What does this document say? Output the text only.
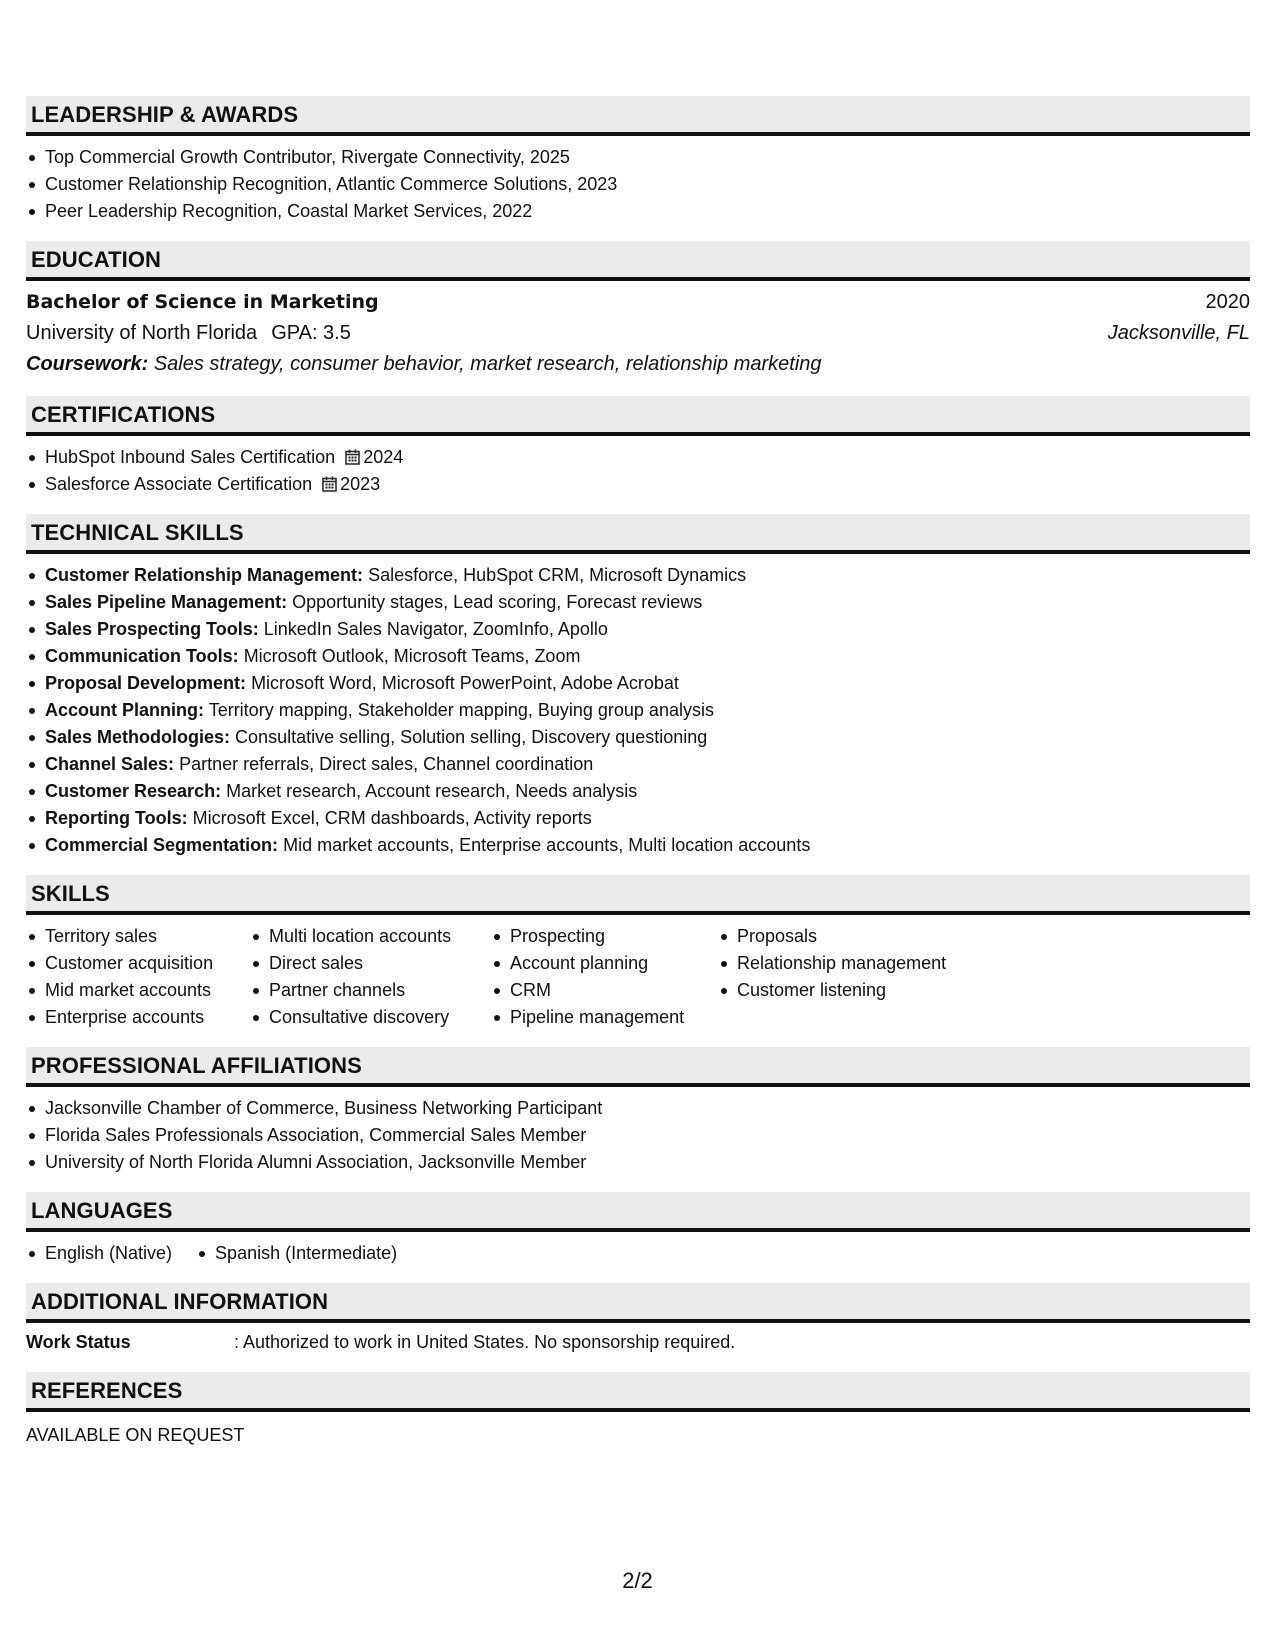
LEADERSHIP & AWARDS
Top Commercial Growth Contributor, Rivergate Connectivity, 2025
Customer Relationship Recognition, Atlantic Commerce Solutions, 2023
Peer Leadership Recognition, Coastal Market Services, 2022
EDUCATION
Bachelor of Science in Marketing	2020
University of North Florida GPA: 3.5	Jacksonville, FL
Coursework:
Sales strategy, consumer behavior, market research, relationship marketing
CERTIFICATIONS
HubSpot Inbound Sales Certification 2024
Salesforce Associate Certification 2023
TECHNICAL SKILLS
Customer Relationship Management: Salesforce, HubSpot CRM, Microsoft Dynamics
Sales Pipeline Management: Opportunity stages, Lead scoring, Forecast reviews
Sales Prospecting Tools: LinkedIn Sales Navigator, ZoomInfo, Apollo
Communication Tools: Microsoft Outlook, Microsoft Teams, Zoom
Proposal Development: Microsoft Word, Microsoft PowerPoint, Adobe Acrobat
Account Planning: Territory mapping, Stakeholder mapping, Buying group analysis
Sales Methodologies: Consultative selling, Solution selling, Discovery questioning
Channel Sales: Partner referrals, Direct sales, Channel coordination
Customer Research: Market research, Account research, Needs analysis
Reporting Tools: Microsoft Excel, CRM dashboards, Activity reports
Commercial Segmentation: Mid market accounts, Enterprise accounts, Multi location accounts
SKILLS
Territory sales
Customer acquisition
Mid market accounts
Enterprise accounts
Multi location accounts
Direct sales
Partner channels
Consultative discovery
Prospecting
Account planning
CRM
Pipeline management
Proposals
Relationship management
Customer listening
PROFESSIONAL AFFILIATIONS
Jacksonville Chamber of Commerce, Business Networking Participant
Florida Sales Professionals Association, Commercial Sales Member
University of North Florida Alumni Association, Jacksonville Member
LANGUAGES
English (Native)	Spanish (Intermediate)
ADDITIONAL INFORMATION
Work Status	: Authorized to work in United States. No sponsorship required.
REFERENCES
AVAILABLE ON REQUEST
2/2
